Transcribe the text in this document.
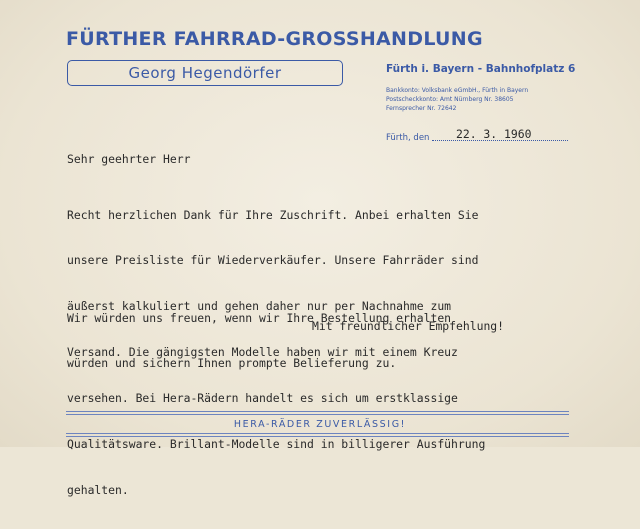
FÜRTHER FAHRRAD-GROSSHANDLUNG
Georg Hegendörfer	Fürth i. Bayern - Bahnhofplatz 6
Bankkonto: Volksbank eGmbH., Fürth in Bayern
Postscheckkonto: Amt Nürnberg Nr. 38605
Fernsprecher Nr. 72642
Fürth, den 22. 3. 1960
Sehr geehrter Herr

Recht herzlichen Dank für Ihre Zuschrift. Anbei erhalten Sie

unsere Preisliste für Wiederverkäufer. Unsere Fahrräder sind

äußerst kalkuliert und gehen daher nur per Nachnahme zum

Versand. Die gängigsten Modelle haben wir mit einem Kreuz

versehen. Bei Hera-Rädern handelt es sich um erstklassige

Qualitätsware. Brillant-Modelle sind in billigerer Ausführung

gehalten.

Wir würden uns freuen, wenn wir Ihre Bestellung erhalten

würden und sichern Ihnen prompte Belieferung zu.

Mit freundlicher Empfehlung!
HERA-RÄDER ZUVERLÄSSIG!
